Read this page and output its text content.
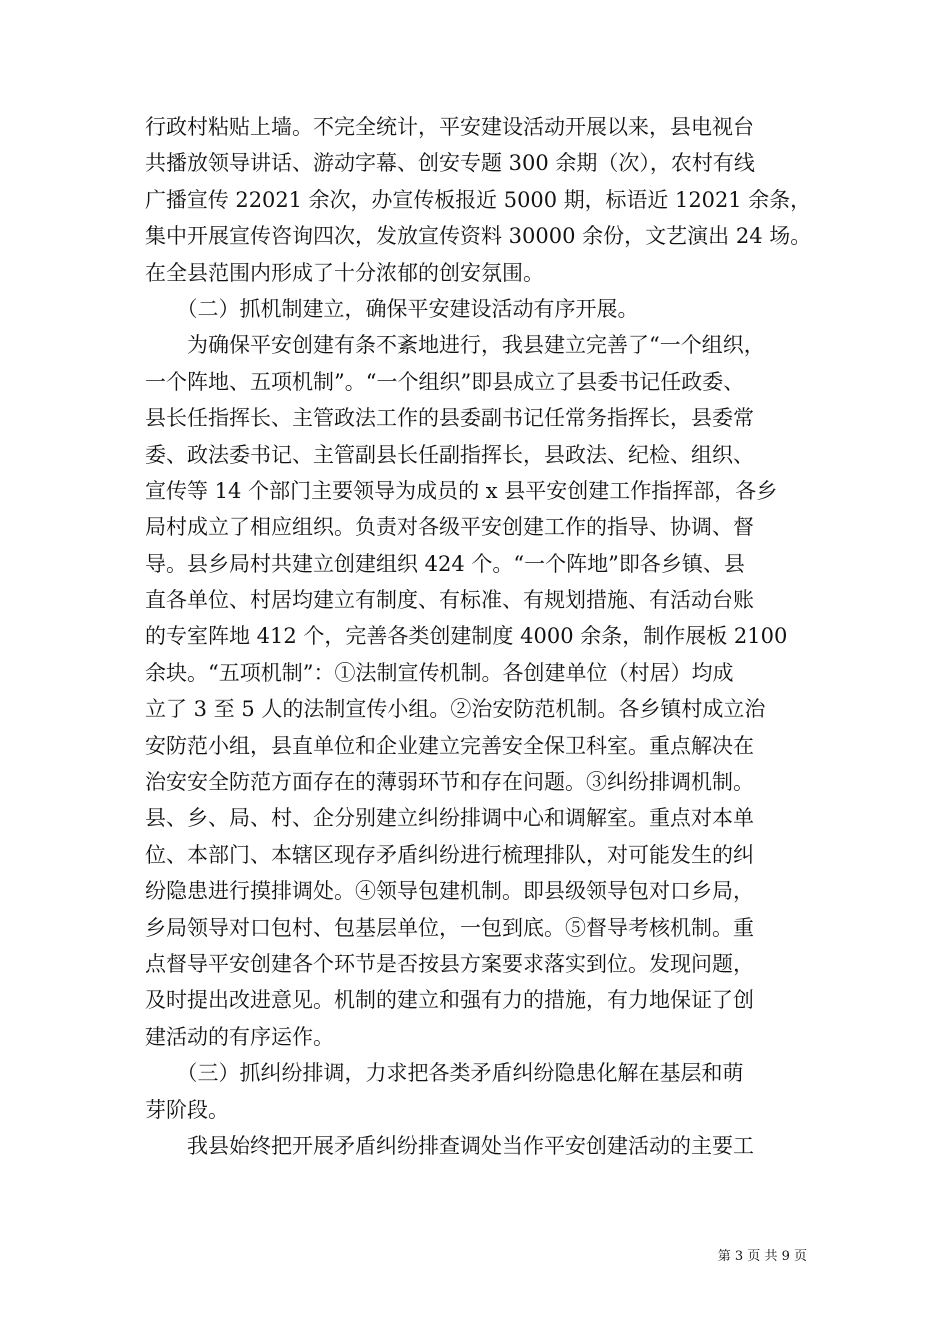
行政村粘贴上墙。不完全统计，平安建设活动开展以来，县电视台
共播放领导讲话、游动字幕、创安专题 300 余期（次），农村有线
广播宣传 22021 余次，办宣传板报近 5000 期，标语近 12021 余条，
集中开展宣传咨询四次，发放宣传资料 30000 余份，文艺演出 24 场。
在全县范围内形成了十分浓郁的创安氛围。
　　（二）抓机制建立，确保平安建设活动有序开展。
　　为确保平安创建有条不紊地进行，我县建立完善了“一个组织，
一个阵地、五项机制”。“一个组织”即县成立了县委书记任政委、
县长任指挥长、主管政法工作的县委副书记任常务指挥长，县委常
委、政法委书记、主管副县长任副指挥长，县政法、纪检、组织、
宣传等 14 个部门主要领导为成员的 x 县平安创建工作指挥部，各乡
局村成立了相应组织。负责对各级平安创建工作的指导、协调、督
导。县乡局村共建立创建组织 424 个。“一个阵地”即各乡镇、县
直各单位、村居均建立有制度、有标准、有规划措施、有活动台账
的专室阵地 412 个，完善各类创建制度 4000 余条，制作展板 2100
余块。“五项机制”：①法制宣传机制。各创建单位（村居）均成
立了 3 至 5 人的法制宣传小组。②治安防范机制。各乡镇村成立治
安防范小组，县直单位和企业建立完善安全保卫科室。重点解决在
治安安全防范方面存在的薄弱环节和存在问题。③纠纷排调机制。
县、乡、局、村、企分别建立纠纷排调中心和调解室。重点对本单
位、本部门、本辖区现存矛盾纠纷进行梳理排队，对可能发生的纠
纷隐患进行摸排调处。④领导包建机制。即县级领导包对口乡局，
乡局领导对口包村、包基层单位，一包到底。⑤督导考核机制。重
点督导平安创建各个环节是否按县方案要求落实到位。发现问题，
及时提出改进意见。机制的建立和强有力的措施，有力地保证了创
建活动的有序运作。
　　（三）抓纠纷排调，力求把各类矛盾纠纷隐患化解在基层和萌
芽阶段。
　　我县始终把开展矛盾纠纷排查调处当作平安创建活动的主要工
第 3 页 共 9 页
